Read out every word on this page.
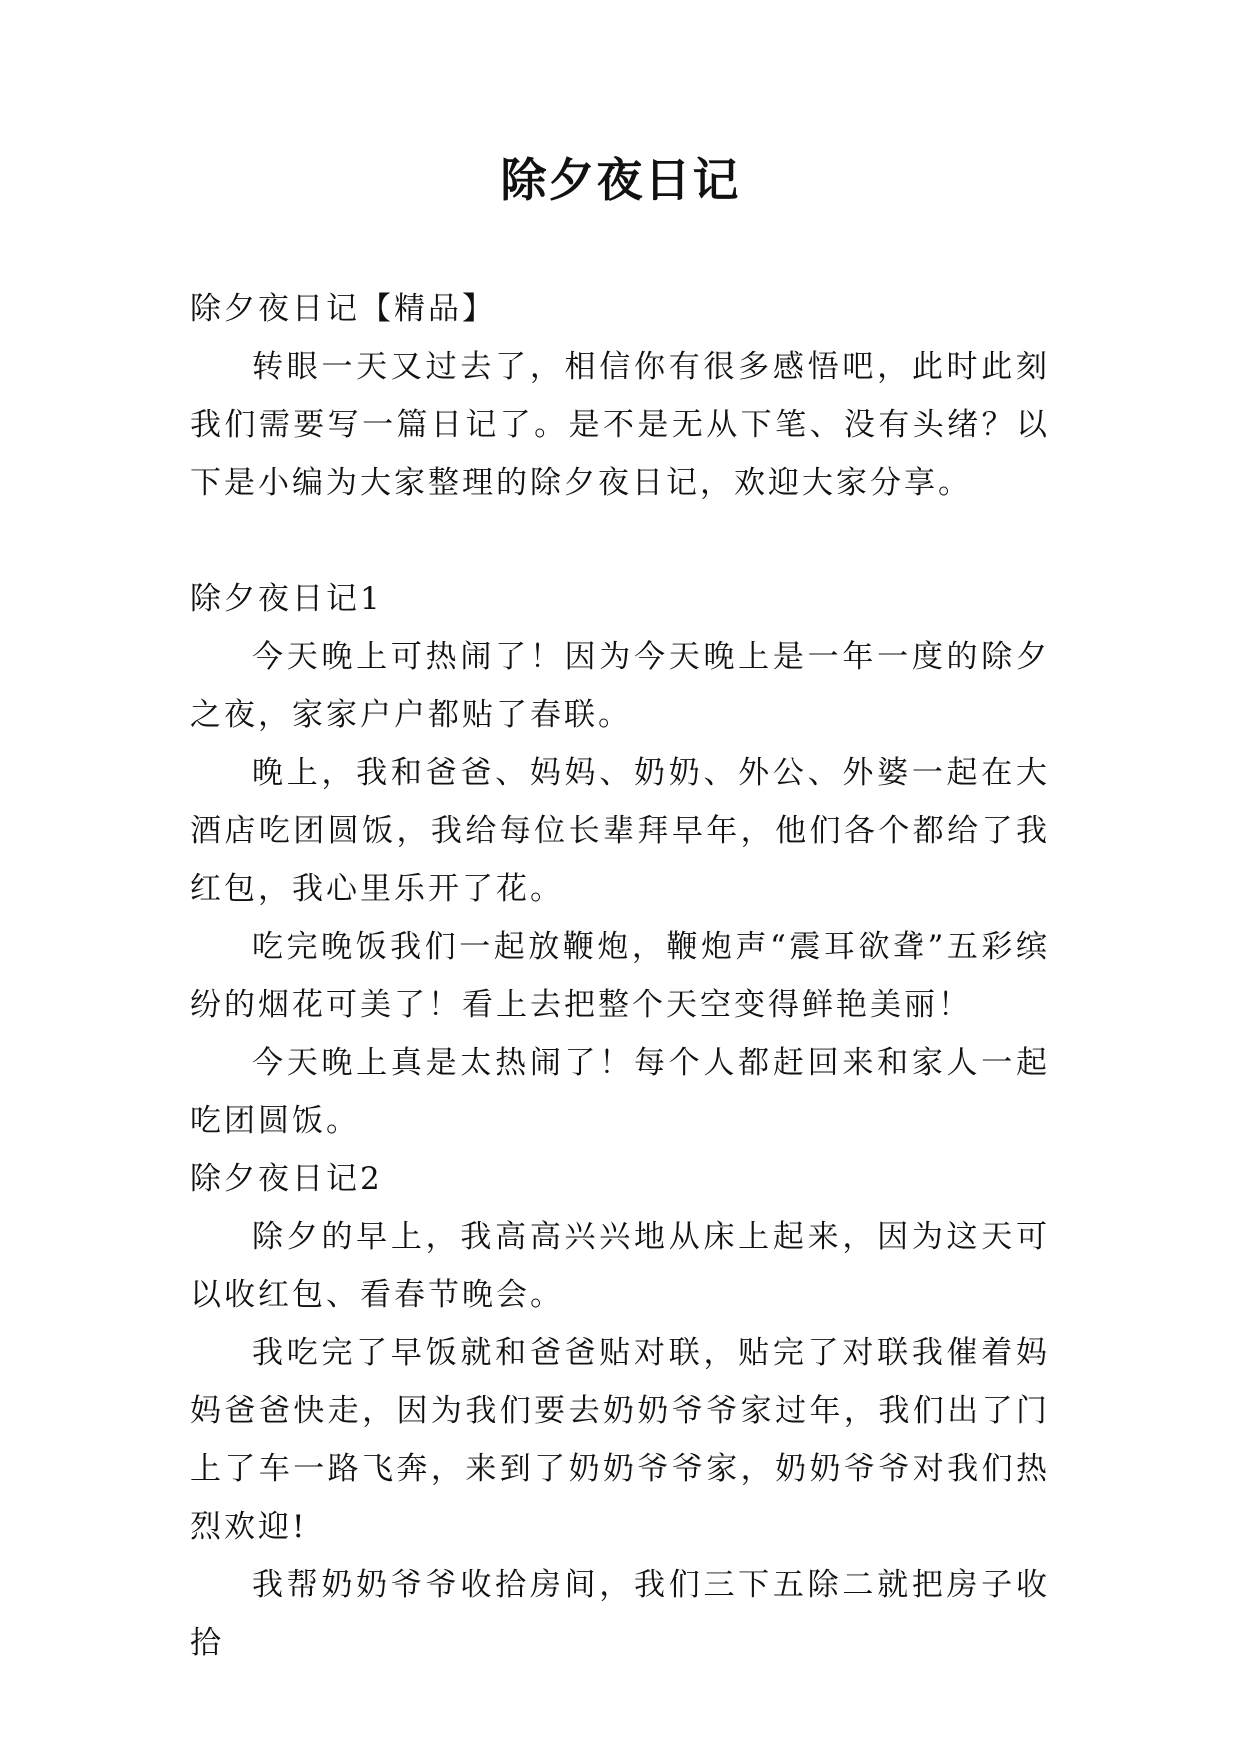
除夕夜日记

除夕夜日记【精品】

转眼一天又过去了，相信你有很多感悟吧，此时此刻我们需要写一篇日记了。是不是无从下笔、没有头绪？以下是小编为大家整理的除夕夜日记，欢迎大家分享。

除夕夜日记1

今天晚上可热闹了！因为今天晚上是一年一度的除夕之夜，家家户户都贴了春联。

晚上，我和爸爸、妈妈、奶奶、外公、外婆一起在大酒店吃团圆饭，我给每位长辈拜早年，他们各个都给了我红包，我心里乐开了花。

吃完晚饭我们一起放鞭炮，鞭炮声“震耳欲聋”五彩缤纷的烟花可美了！看上去把整个天空变得鲜艳美丽！

今天晚上真是太热闹了！每个人都赶回来和家人一起吃团圆饭。

除夕夜日记2

除夕的早上，我高高兴兴地从床上起来，因为这天可以收红包、看春节晚会。

我吃完了早饭就和爸爸贴对联，贴完了对联我催着妈妈爸爸快走，因为我们要去奶奶爷爷家过年，我们出了门上了车一路飞奔，来到了奶奶爷爷家，奶奶爷爷对我们热烈欢迎!

我帮奶奶爷爷收拾房间，我们三下五除二就把房子收拾
